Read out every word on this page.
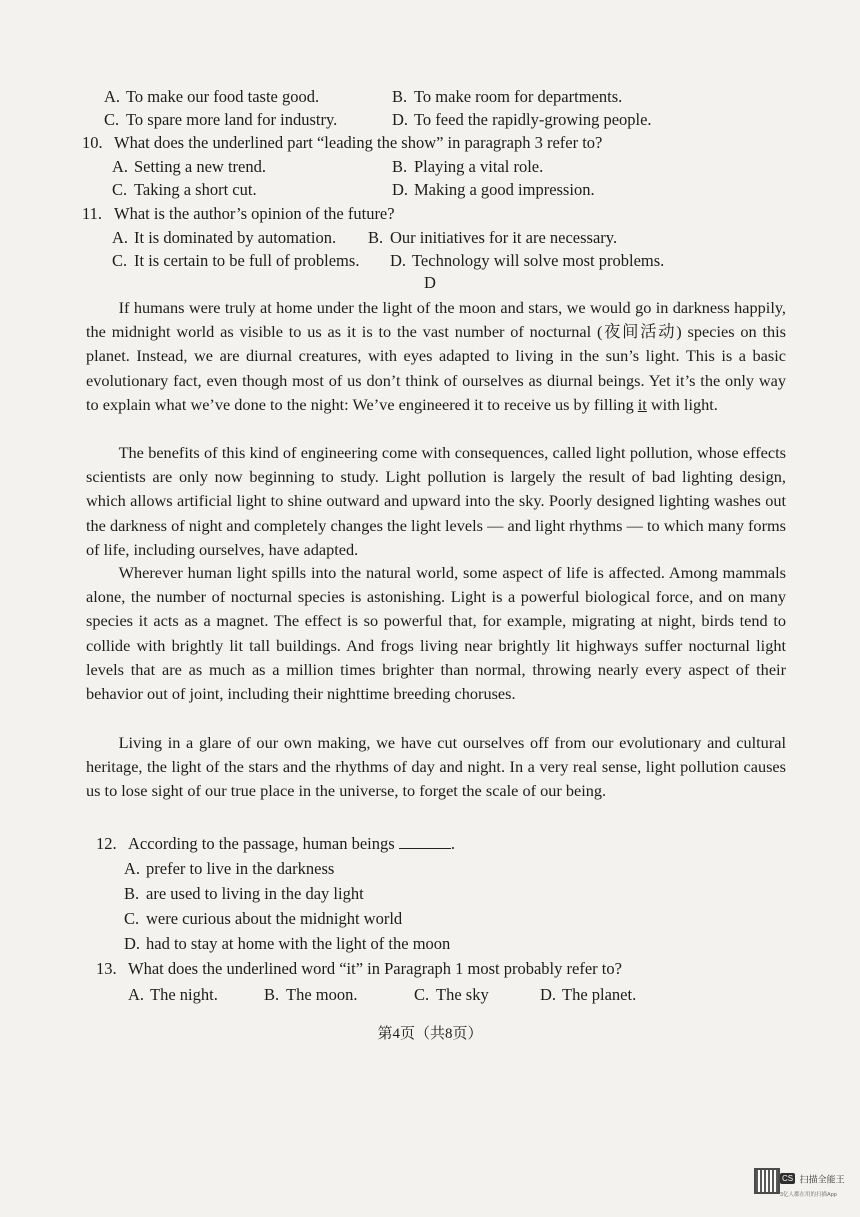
A. To make our food taste good.	B. To make room for departments.
C. To spare more land for industry.	D. To feed the rapidly-growing people.
10. What does the underlined part “leading the show” in paragraph 3 refer to?
A. Setting a new trend.	B. Playing a vital role.
C. Taking a short cut.	D. Making a good impression.
11. What is the author’s opinion of the future?
A. It is dominated by automation. B. Our initiatives for it are necessary.
C. It is certain to be full of problems. D. Technology will solve most problems.
D
If humans were truly at home under the light of the moon and stars, we would go in darkness happily, the midnight world as visible to us as it is to the vast number of nocturnal (夜间活动) species on this planet. Instead, we are diurnal creatures, with eyes adapted to living in the sun’s light. This is a basic evolutionary fact, even though most of us don’t think of ourselves as diurnal beings. Yet it’s the only way to explain what we’ve done to the night: We’ve engineered it to receive us by filling it with light.
The benefits of this kind of engineering come with consequences, called light pollution, whose effects scientists are only now beginning to study. Light pollution is largely the result of bad lighting design, which allows artificial light to shine outward and upward into the sky. Poorly designed lighting washes out the darkness of night and completely changes the light levels — and light rhythms — to which many forms of life, including ourselves, have adapted.
Wherever human light spills into the natural world, some aspect of life is affected. Among mammals alone, the number of nocturnal species is astonishing. Light is a powerful biological force, and on many species it acts as a magnet. The effect is so powerful that, for example, migrating at night, birds tend to collide with brightly lit tall buildings. And frogs living near brightly lit highways suffer nocturnal light levels that are as much as a million times brighter than normal, throwing nearly every aspect of their behavior out of joint, including their nighttime breeding choruses.
Living in a glare of our own making, we have cut ourselves off from our evolutionary and cultural heritage, the light of the stars and the rhythms of day and night. In a very real sense, light pollution causes us to lose sight of our true place in the universe, to forget the scale of our being.
12. According to the passage, human beings	.
A. prefer to live in the darkness
B. are used to living in the day light
C. were curious about the midnight world
D. had to stay at home with the light of the moon
13. What does the underlined word “it” in Paragraph 1 most probably refer to?
A. The night.	B. The moon.	C. The sky	D. The planet.
第4页（共8页）
CS 扫描全能王
3亿人都在用的扫描App
